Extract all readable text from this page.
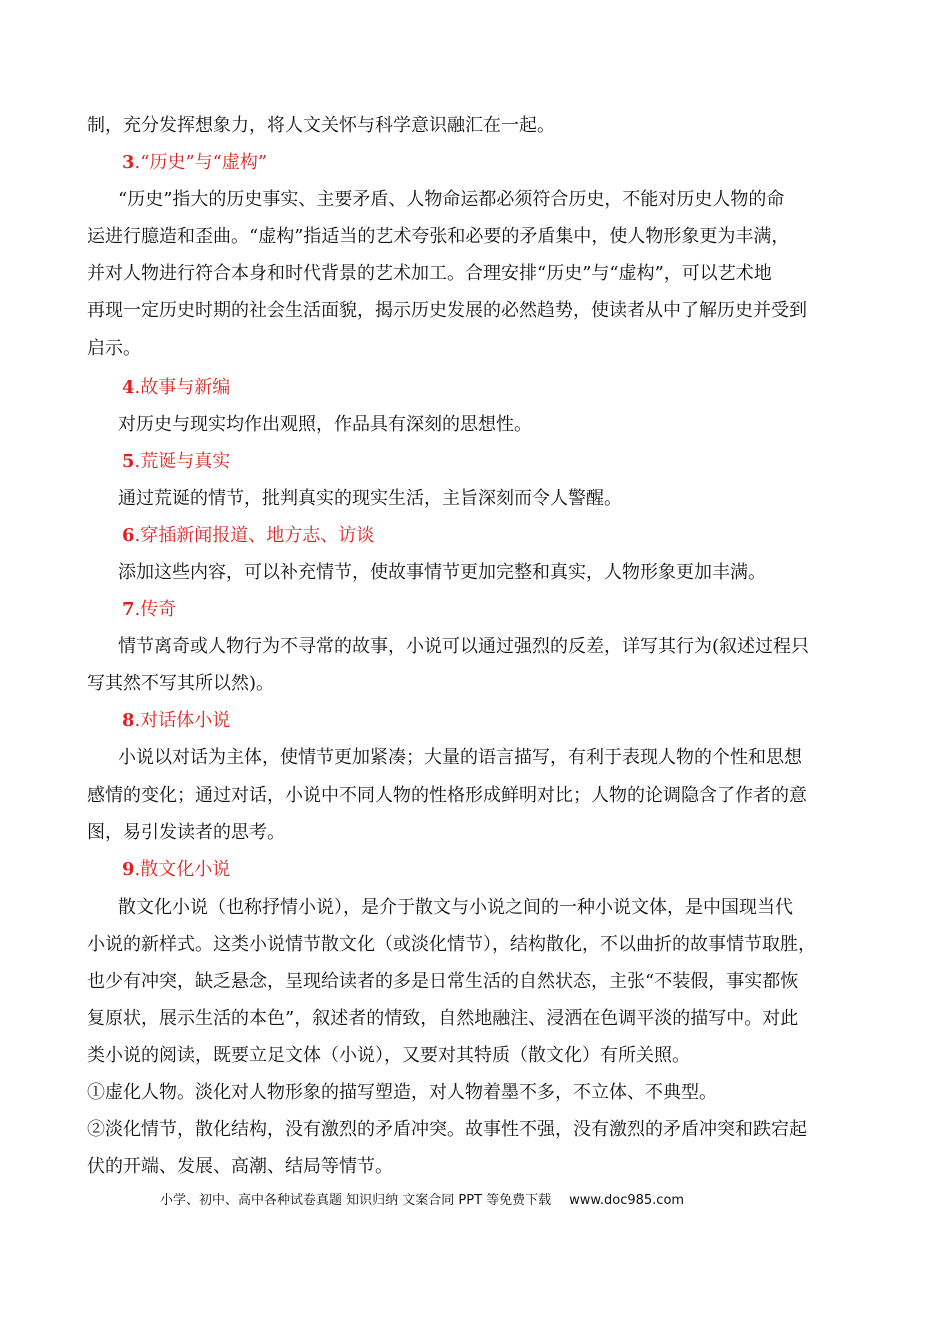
制，充分发挥想象力，将人文关怀与科学意识融汇在一起。
3.“历史”与“虚构”
“历史”指大的历史事实、主要矛盾、人物命运都必须符合历史，不能对历史人物的命
运进行臆造和歪曲。“虚构”指适当的艺术夸张和必要的矛盾集中，使人物形象更为丰满，
并对人物进行符合本身和时代背景的艺术加工。合理安排“历史”与“虚构”，可以艺术地
再现一定历史时期的社会生活面貌，揭示历史发展的必然趋势，使读者从中了解历史并受到
启示。
4.故事与新编
对历史与现实均作出观照，作品具有深刻的思想性。
5.荒诞与真实
通过荒诞的情节，批判真实的现实生活，主旨深刻而令人警醒。
6.穿插新闻报道、地方志、访谈
添加这些内容，可以补充情节，使故事情节更加完整和真实，人物形象更加丰满。
7.传奇
情节离奇或人物行为不寻常的故事，小说可以通过强烈的反差，详写其行为(叙述过程只
写其然不写其所以然)。
8.对话体小说
小说以对话为主体，使情节更加紧凑；大量的语言描写，有利于表现人物的个性和思想
感情的变化；通过对话，小说中不同人物的性格形成鲜明对比；人物的论调隐含了作者的意
图，易引发读者的思考。
9.散文化小说
散文化小说（也称抒情小说），是介于散文与小说之间的一种小说文体，是中国现当代
小说的新样式。这类小说情节散文化（或淡化情节），结构散化，不以曲折的故事情节取胜，
也少有冲突，缺乏悬念，呈现给读者的多是日常生活的自然状态，主张“不装假，事实都恢
复原状，展示生活的本色”，叙述者的情致，自然地融注、浸洒在色调平淡的描写中。对此
类小说的阅读，既要立足文体（小说），又要对其特质（散文化）有所关照。
①虚化人物。淡化对人物形象的描写塑造，对人物着墨不多，不立体、不典型。
②淡化情节，散化结构，没有激烈的矛盾冲突。故事性不强，没有激烈的矛盾冲突和跌宕起
伏的开端、发展、高潮、结局等情节。
小学、初中、高中各种试卷真题 知识归纳 文案合同 PPT 等免费下载 www.doc985.com
